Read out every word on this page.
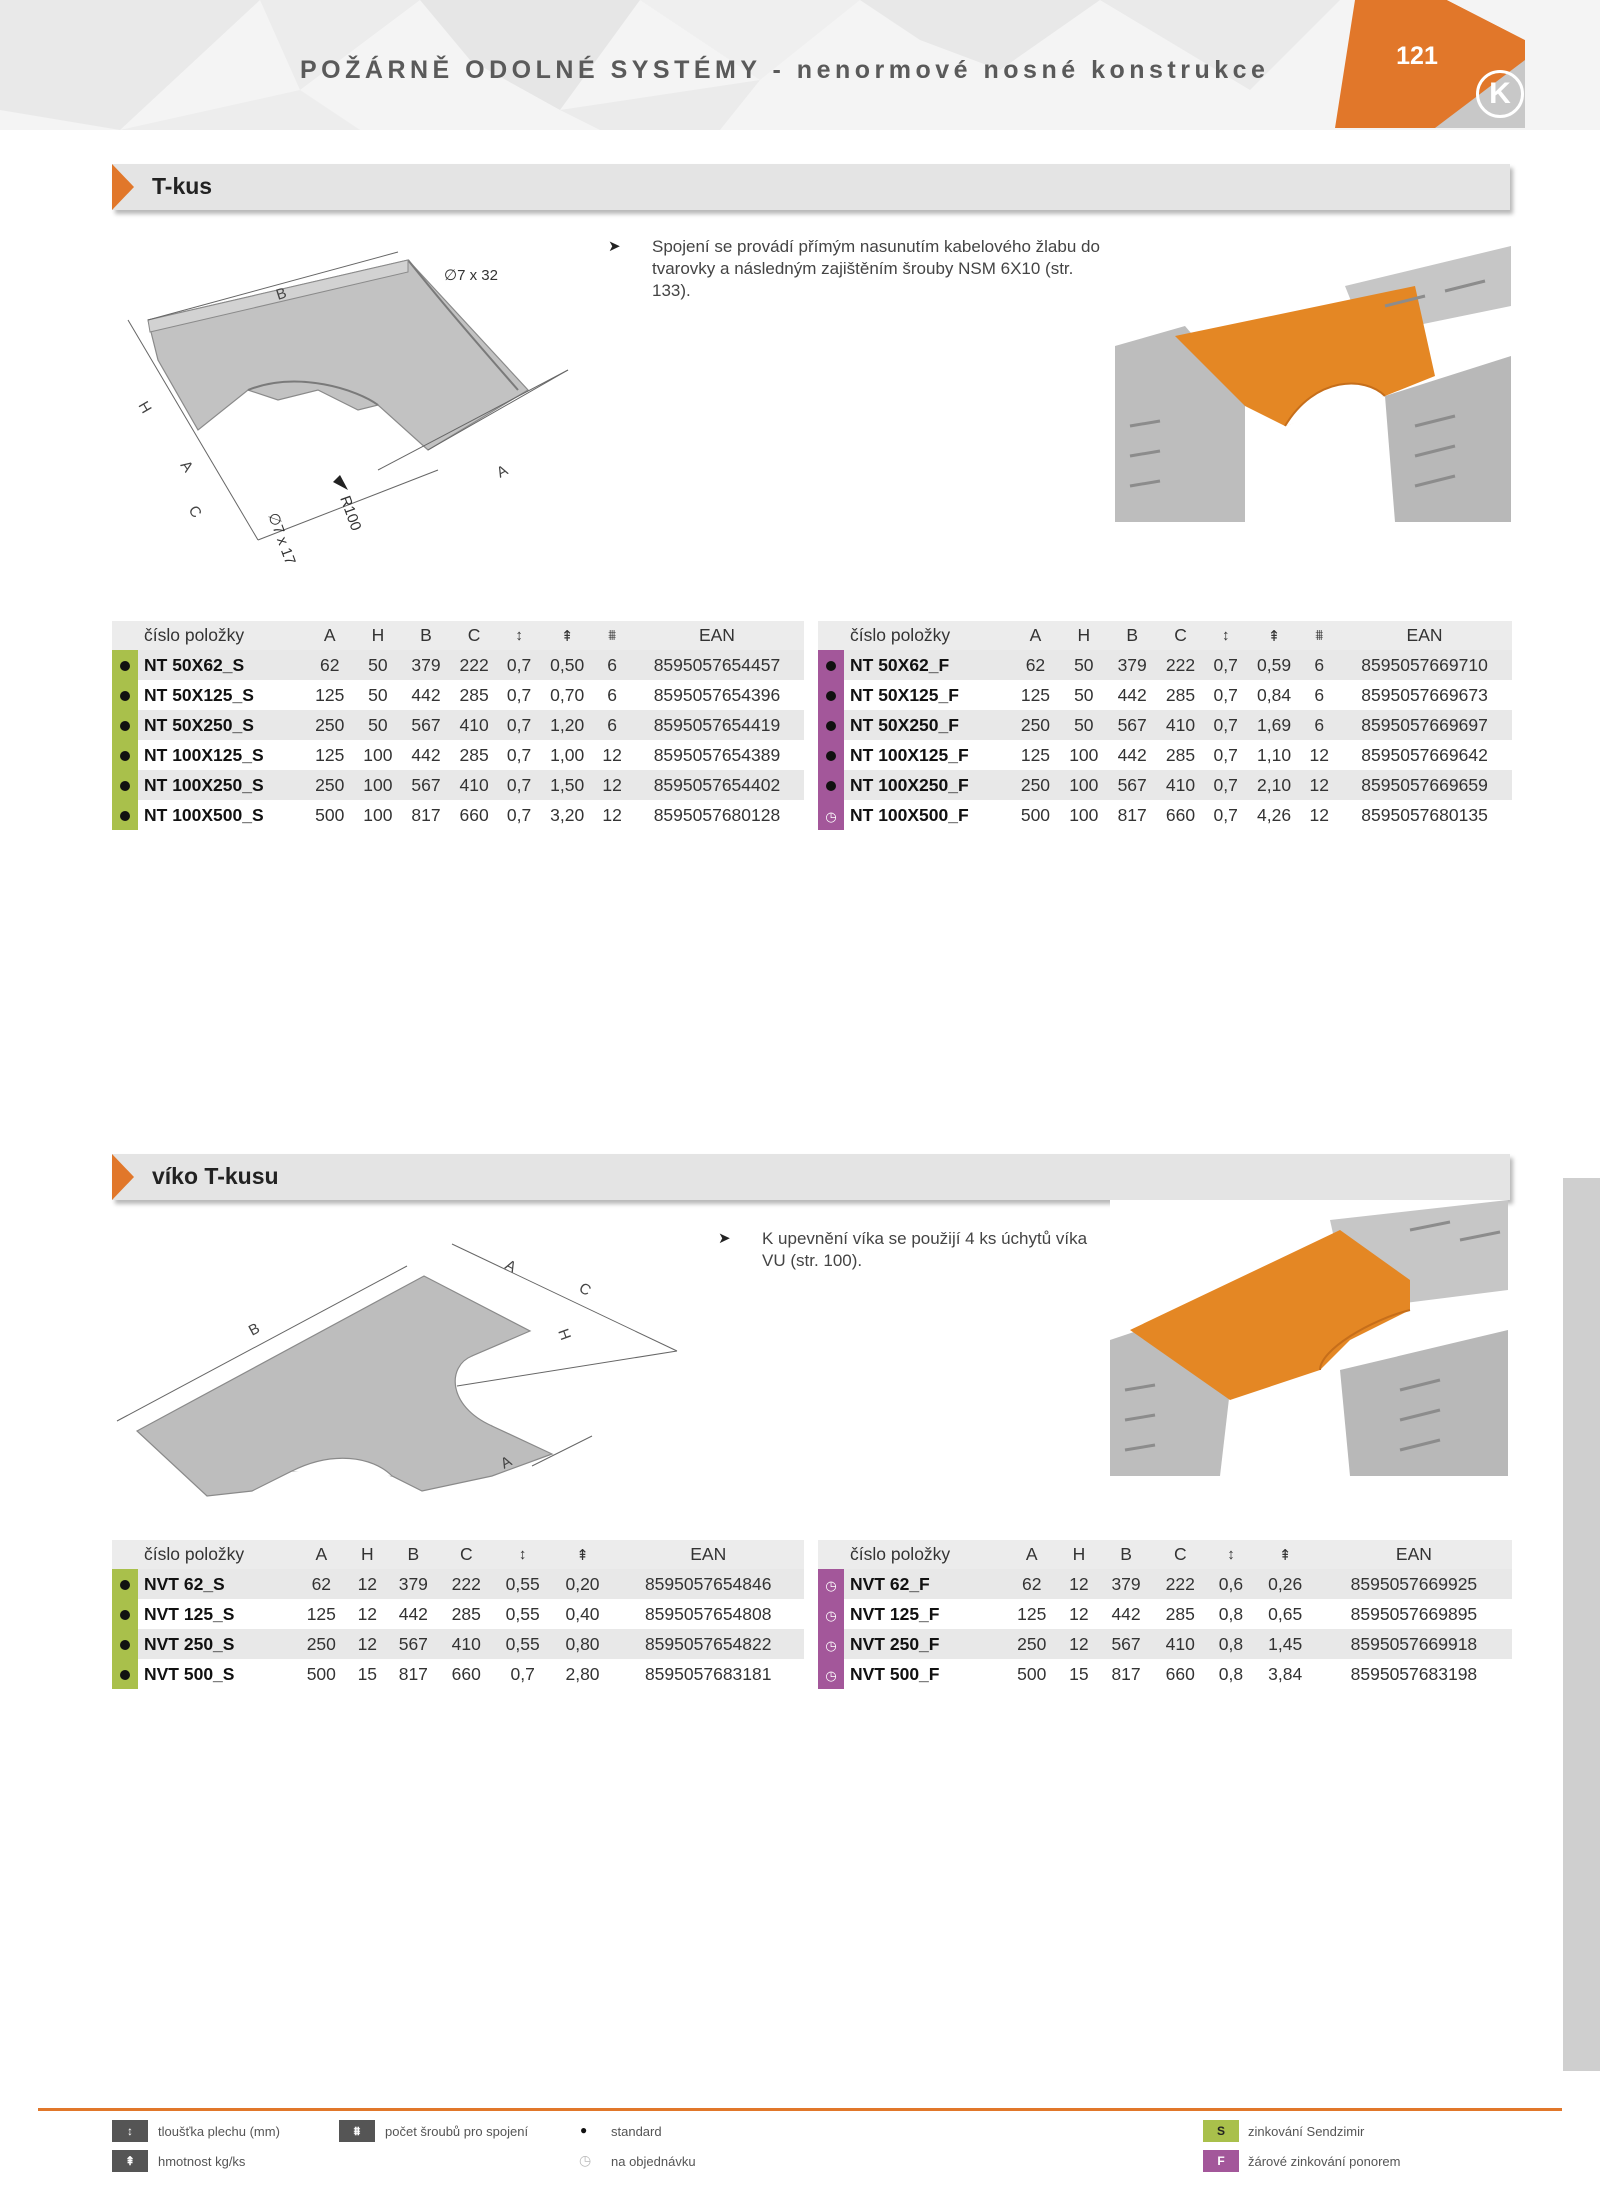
POŽÁRNĚ ODOLNÉ SYSTÉMY - nenormové nosné konstrukce	121
K
T-kus
B
H
A
C
A
∅7 x 32
∅7 x 17	R100
➤ Spojení se provádí přímým nasunutím kabelového žlabu do tvarovky a následným zajištěním šrouby NSM 6X10 (str. 133).
	číslo položky	A	H	B	C	↕	⇞	⩩	EAN
	NT 50X62_S	62	50	379	222	0,7	0,50	6	8595057654457
	NT 50X125_S	125	50	442	285	0,7	0,70	6	8595057654396
	NT 50X250_S	250	50	567	410	0,7	1,20	6	8595057654419
	NT 100X125_S	125	100	442	285	0,7	1,00	12	8595057654389
	NT 100X250_S	250	100	567	410	0,7	1,50	12	8595057654402
	NT 100X500_S	500	100	817	660	0,7	3,20	12	8595057680128
	číslo položky	A	H	B	C	↕	⇞	⩩	EAN
	NT 50X62_F	62	50	379	222	0,7	0,59	6	8595057669710
	NT 50X125_F	125	50	442	285	0,7	0,84	6	8595057669673
	NT 50X250_F	250	50	567	410	0,7	1,69	6	8595057669697
	NT 100X125_F	125	100	442	285	0,7	1,10	12	8595057669642
	NT 100X250_F	250	100	567	410	0,7	2,10	12	8595057669659
◷	NT 100X500_F	500	100	817	660	0,7	4,26	12	8595057680135
víko T-kusu
B
A
C
H
A
➤ K upevnění víka se použijí 4 ks úchytů víka VU (str. 100).
	číslo položky	A	H	B	C	↕	⇞	EAN
	NVT 62_S	62	12	379	222	0,55	0,20	8595057654846
	NVT 125_S	125	12	442	285	0,55	0,40	8595057654808
	NVT 250_S	250	12	567	410	0,55	0,80	8595057654822
	NVT 500_S	500	15	817	660	0,7	2,80	8595057683181
	číslo položky	A	H	B	C	↕	⇞	EAN
◷	NVT 62_F	62	12	379	222	0,6	0,26	8595057669925
◷	NVT 125_F	125	12	442	285	0,8	0,65	8595057669895
◷	NVT 250_F	250	12	567	410	0,8	1,45	8595057669918
◷	NVT 500_F	500	15	817	660	0,8	3,84	8595057683198
↕	tloušťka plechu (mm)
⇞	hmotnost kg/ks
⩩	počet šroubů pro spojení	● standard
◷ na objednávku
S	zinkování Sendzimir
F	žárové zinkování ponorem
